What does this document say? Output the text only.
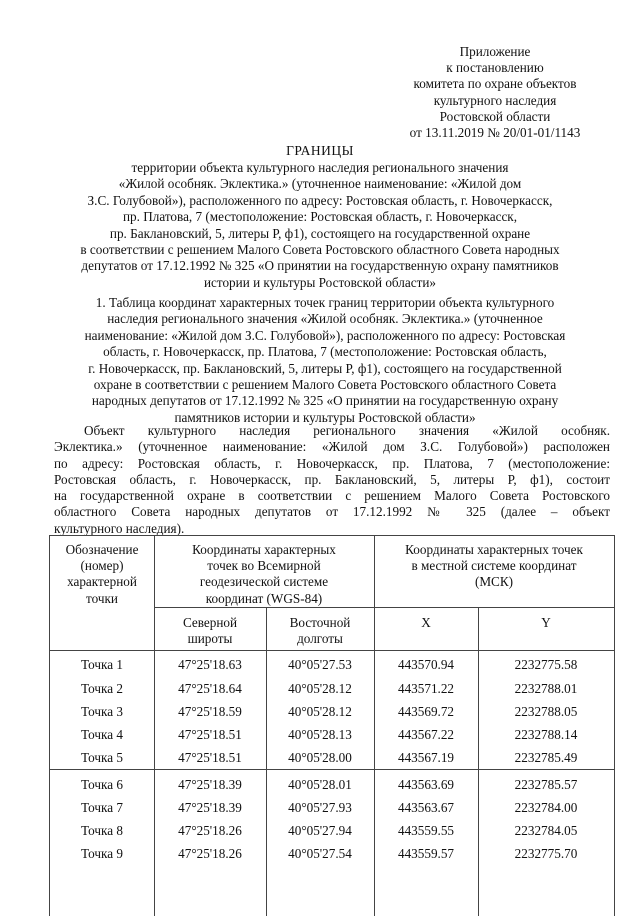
Приложение
к постановлению
комитета по охране объектов
культурного наследия
Ростовской области
от 13.11.2019 № 20/01-01/1143
ГРАНИЦЫ
территории объекта культурного наследия регионального значения
«Жилой особняк. Эклектика.» (уточненное наименование: «Жилой дом
З.С. Голубовой»), расположенного по адресу: Ростовская область, г. Новочеркасск,
пр. Платова, 7 (местоположение: Ростовская область, г. Новочеркасск,
пр. Баклановский, 5, литеры Р, ф1), состоящего на государственной охране
в соответствии с решением Малого Совета Ростовского областного Совета народных
депутатов от 17.12.1992 № 325 «О принятии на государственную охрану памятников
истории и культуры Ростовской области»
1. Таблица координат характерных точек границ территории объекта культурного
наследия регионального значения «Жилой особняк. Эклектика.» (уточненное
наименование: «Жилой дом З.С. Голубовой»), расположенного по адресу: Ростовская
область, г. Новочеркасск, пр. Платова, 7 (местоположение: Ростовская область,
г. Новочеркасск, пр. Баклановский, 5, литеры Р, ф1), состоящего на государственной
охране в соответствии с решением Малого Совета Ростовского областного Совета
народных депутатов от 17.12.1992 № 325 «О принятии на государственную охрану
памятников истории и культуры Ростовской области»
Объект культурного наследия регионального значения «Жилой особняк.
Эклектика.» (уточненное наименование: «Жилой дом З.С. Голубовой») расположен
по адресу: Ростовская область, г. Новочеркасск, пр. Платова, 7 (местоположение:
Ростовская область, г. Новочеркасск, пр. Баклановский, 5, литеры Р, ф1), состоит
на государственной охране в соответствии с решением Малого Совета Ростовского
областного Совета народных депутатов от 17.12.1992 № 325 (далее – объект
культурного наследия).
Обозначение
(номер)
характерной
точки
Координаты характерных
точек во Всемирной
геодезической системе
координат (WGS-84)
Координаты характерных точек
в местной системе координат
(МСК)
Северной
широты
Восточной
долготы
X	Y
Точка 1	47°25'18.63	40°05'27.53	443570.94	2232775.58
Точка 2	47°25'18.64	40°05'28.12	443571.22	2232788.01
Точка 3	47°25'18.59	40°05'28.12	443569.72	2232788.05
Точка 4	47°25'18.51	40°05'28.13	443567.22	2232788.14
Точка 5	47°25'18.51	40°05'28.00	443567.19	2232785.49
Точка 6	47°25'18.39	40°05'28.01	443563.69	2232785.57
Точка 7	47°25'18.39	40°05'27.93	443563.67	2232784.00
Точка 8	47°25'18.26	40°05'27.94	443559.55	2232784.05
Точка 9	47°25'18.26	40°05'27.54	443559.57	2232775.70
